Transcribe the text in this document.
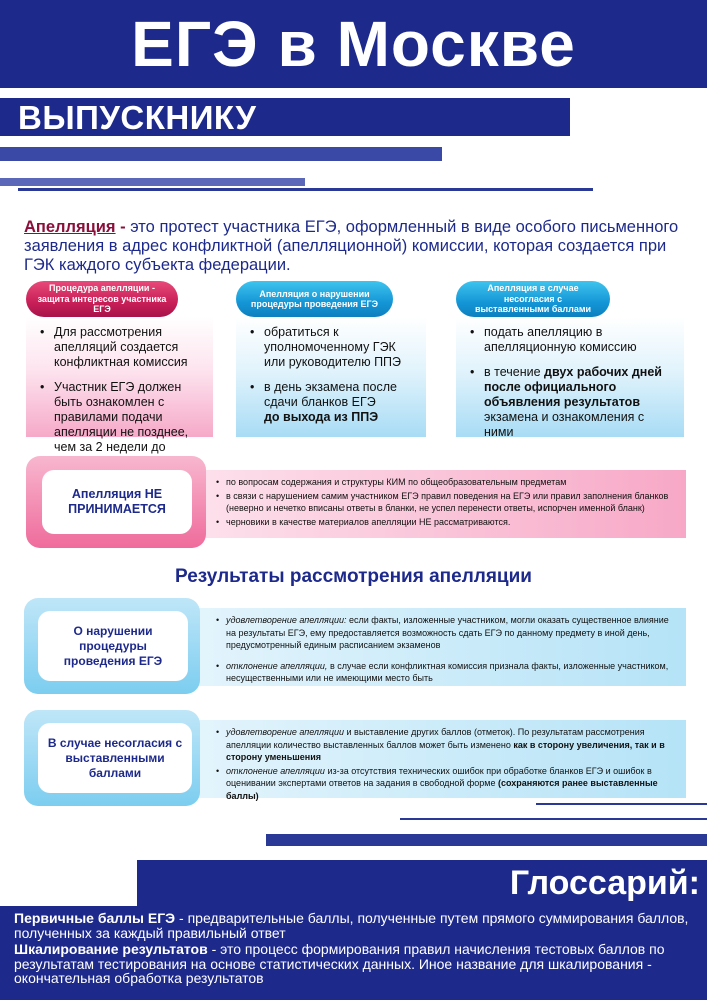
ЕГЭ в Москве
ВЫПУСКНИКУ
Апелляция - это протест участника ЕГЭ, оформленный в виде особого письменного заявления в адрес конфликтной (апелляционной) комиссии, которая создается при ГЭК каждого субъекта федерации.
Процедура апелляции - защита интересов участника ЕГЭ
• Для рассмотрения апелляций создается конфликтная комиссия
• Участник ЕГЭ должен быть ознакомлен с правилами подачи апелляции не позднее, чем за 2 недели до
Апелляция о нарушении процедуры проведения ЕГЭ
• обратиться к уполномоченному ГЭК или руководителю ППЭ
• в день экзамена после сдачи бланков ЕГЭ
до выхода из ППЭ
Апелляция в случае несогласия с выставленными баллами
• подать апелляцию в апелляционную комиссию
• в течение двух рабочих дней после официального объявления результатов экзамена и ознакомления с ними
• по вопросам содержания и структуры КИМ по общеобразовательным предметам
• в связи с нарушением самим участником ЕГЭ правил поведения на ЕГЭ или правил заполнения бланков (неверно и нечетко вписаны ответы в бланки, не успел перенести ответы, испорчен именной бланк)
• черновики в качестве материалов апелляции НЕ рассматриваются.
Апелляция НЕ ПРИНИМАЕТСЯ
Результаты рассмотрения апелляции
• удовлетворение апелляции: если факты, изложенные участником, могли оказать существенное влияние на результаты ЕГЭ, ему предоставляется возможность сдать ЕГЭ по данному предмету в иной день, предусмотренный единым расписанием экзаменов
• отклонение апелляции, в случае если конфликтная комиссия признала факты, изложенные участником, несущественными или не имеющими место быть
О нарушении процедуры проведения ЕГЭ
• удовлетворение апелляции и выставление других баллов (отметок). По результатам рассмотрения апелляции количество выставленных баллов может быть изменено как в сторону увеличения, так и в сторону уменьшения
• отклонение апелляции из-за отсутствия технических ошибок при обработке бланков ЕГЭ и ошибок в оценивании экспертами ответов на задания в свободной форме (сохраняются ранее выставленные баллы)
В случае несогласия с выставленными баллами
Глоссарий:

Первичные баллы ЕГЭ - предварительные баллы, полученные путем прямого суммирования баллов, полученных за каждый правильный ответ

Шкалирование результатов - это процесс формирования правил начисления тестовых баллов по результатам тестирования на основе статистических данных. Иное название для шкалирования - окончательная обработка результатов
